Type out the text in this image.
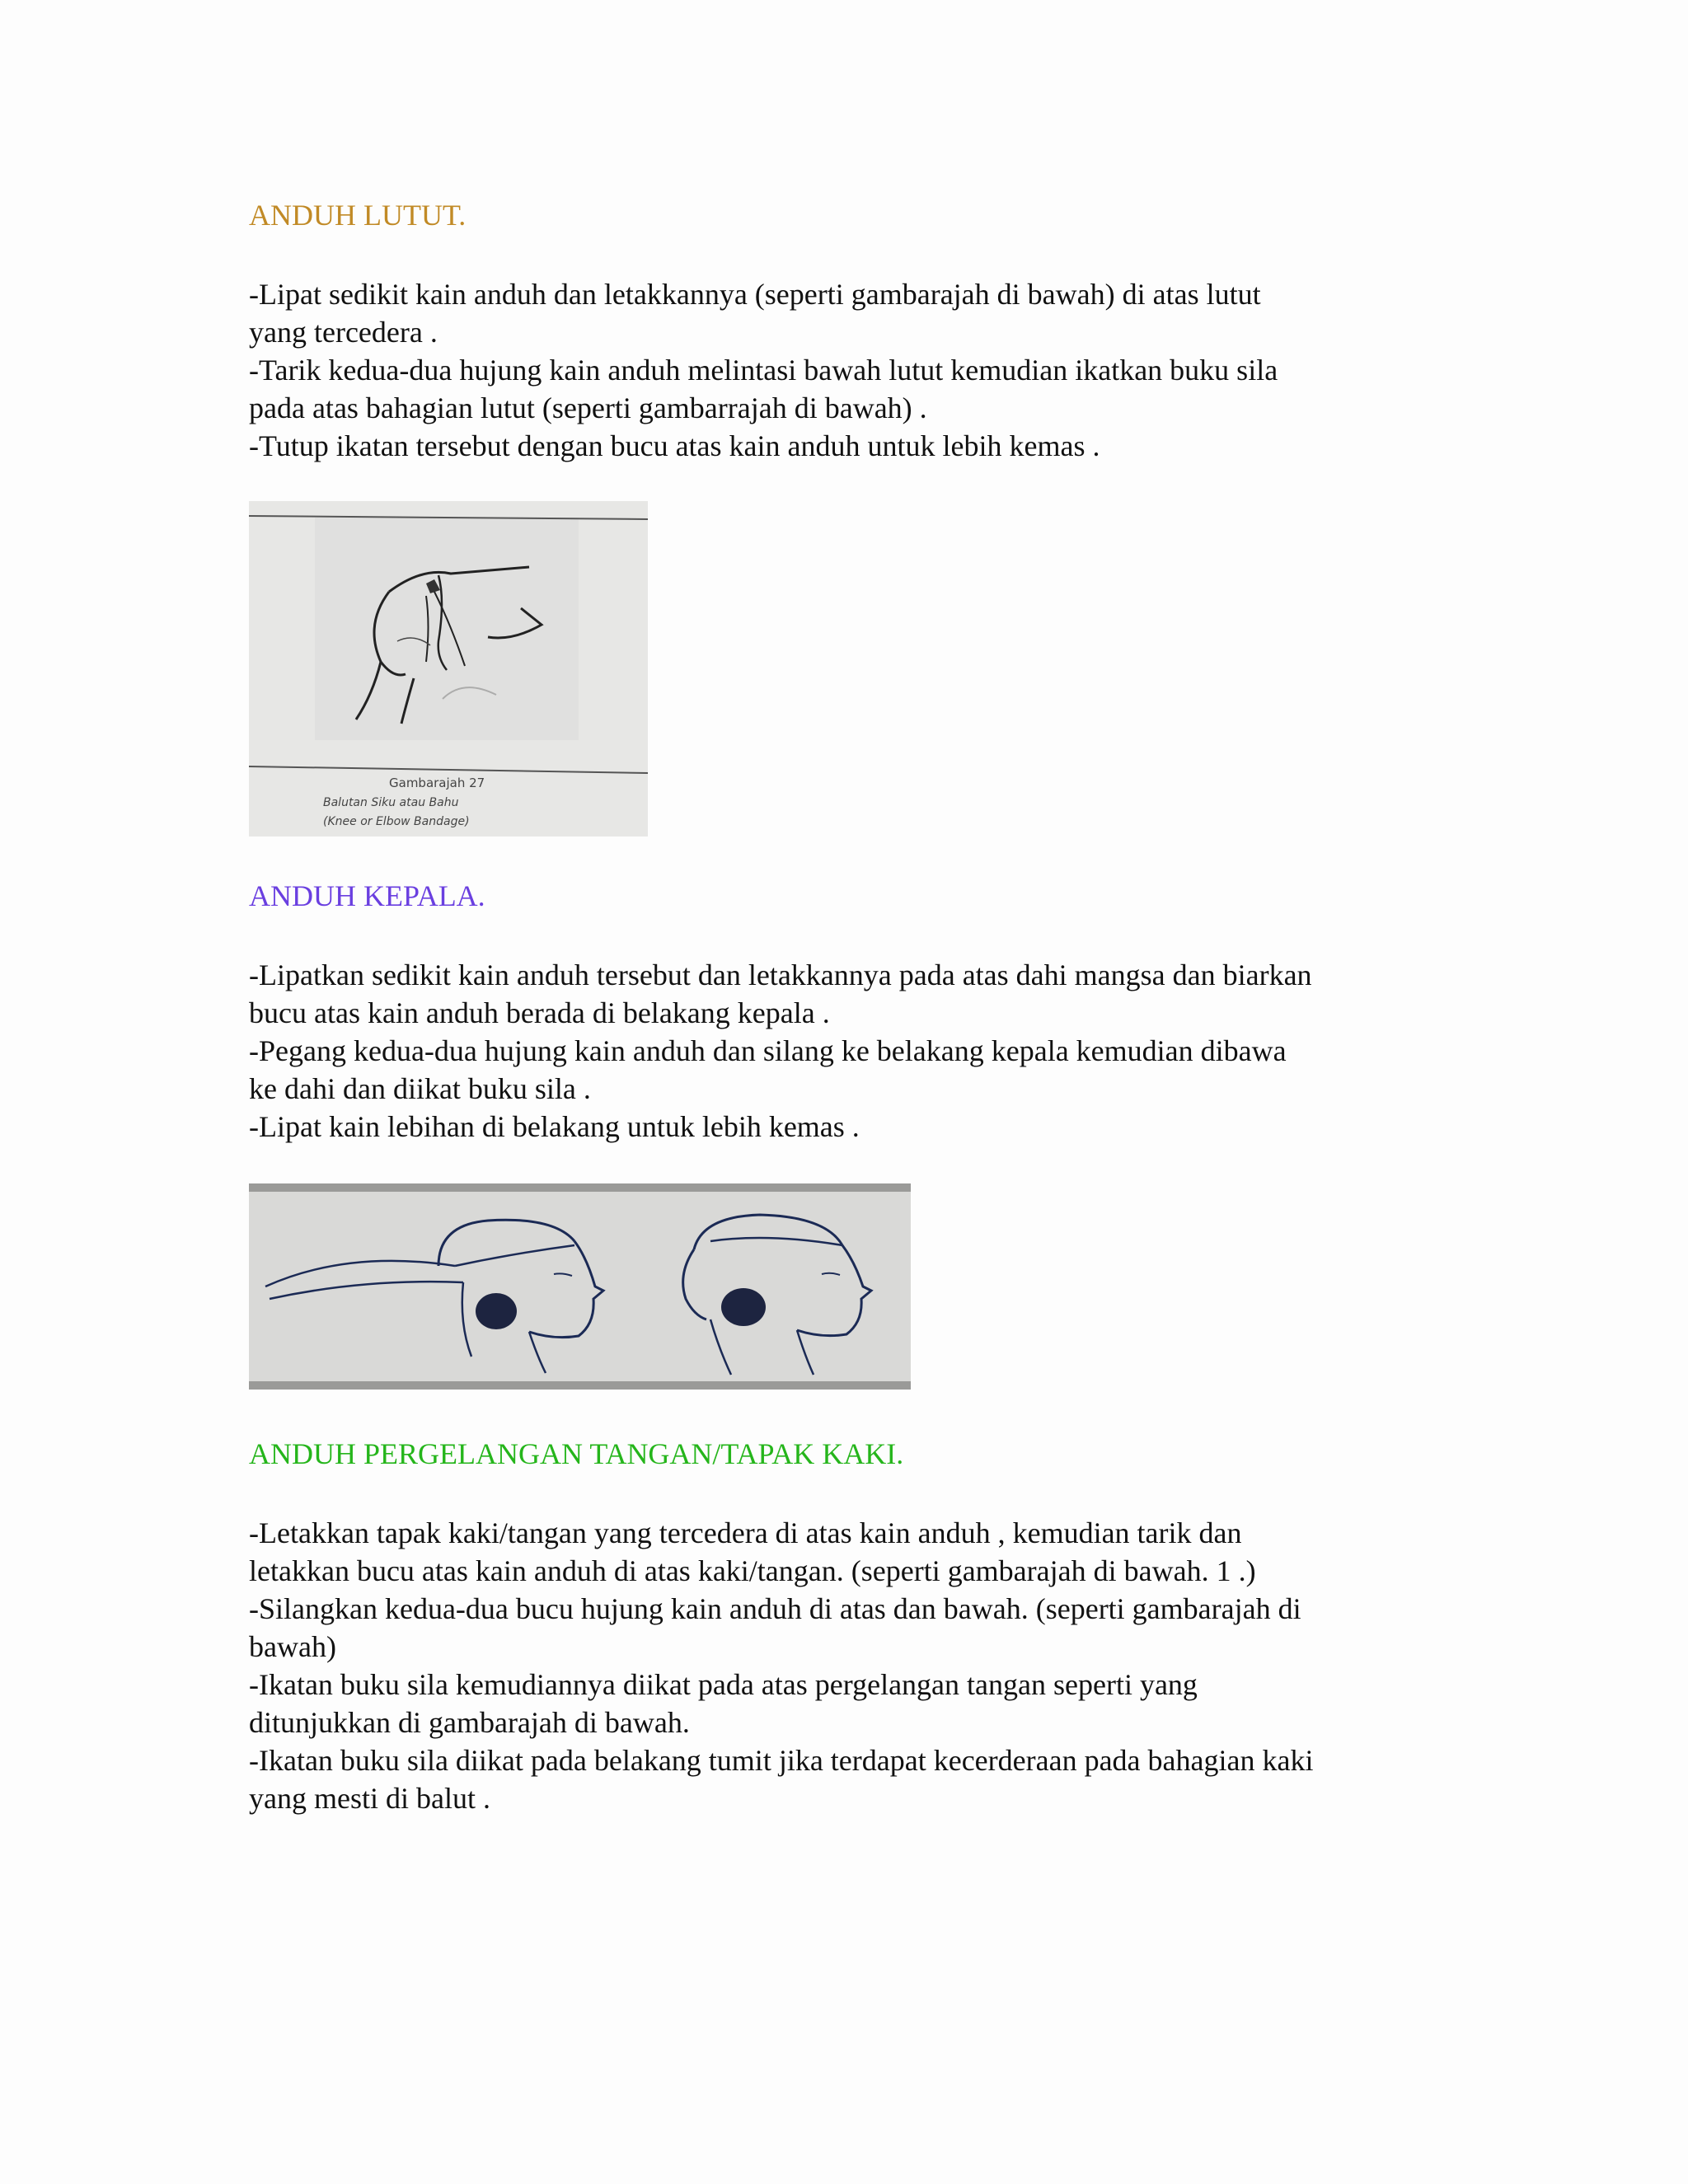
ANDUH LUTUT.

-Lipat sedikit kain anduh dan letakkannya (seperti gambarajah di bawah) di atas lutut
yang tercedera .
-Tarik kedua-dua hujung kain anduh melintasi bawah lutut kemudian ikatkan buku sila
pada atas bahagian lutut (seperti gambarrajah di bawah) .
-Tutup ikatan tersebut dengan bucu atas kain anduh untuk lebih kemas .

Gambarajah 27
Balutan Siku atau Bahu
(Knee or Elbow Bandage)
ANDUH KEPALA.

-Lipatkan sedikit kain anduh tersebut dan letakkannya pada atas dahi mangsa dan biarkan
bucu atas kain anduh berada di belakang kepala .
-Pegang kedua-dua hujung kain anduh dan silang ke belakang kepala kemudian dibawa
ke dahi dan diikat buku sila .
-Lipat kain lebihan di belakang untuk lebih kemas .

ANDUH PERGELANGAN TANGAN/TAPAK KAKI.

-Letakkan tapak kaki/tangan yang tercedera di atas kain anduh , kemudian tarik dan
letakkan bucu atas kain anduh di atas kaki/tangan. (seperti gambarajah di bawah. 1 .)
-Silangkan kedua-dua bucu hujung kain anduh di atas dan bawah. (seperti gambarajah di
bawah)
-Ikatan buku sila kemudiannya diikat pada atas pergelangan tangan seperti yang
ditunjukkan di gambarajah di bawah.
-Ikatan buku sila diikat pada belakang tumit jika terdapat kecerderaan pada bahagian kaki
yang mesti di balut .
